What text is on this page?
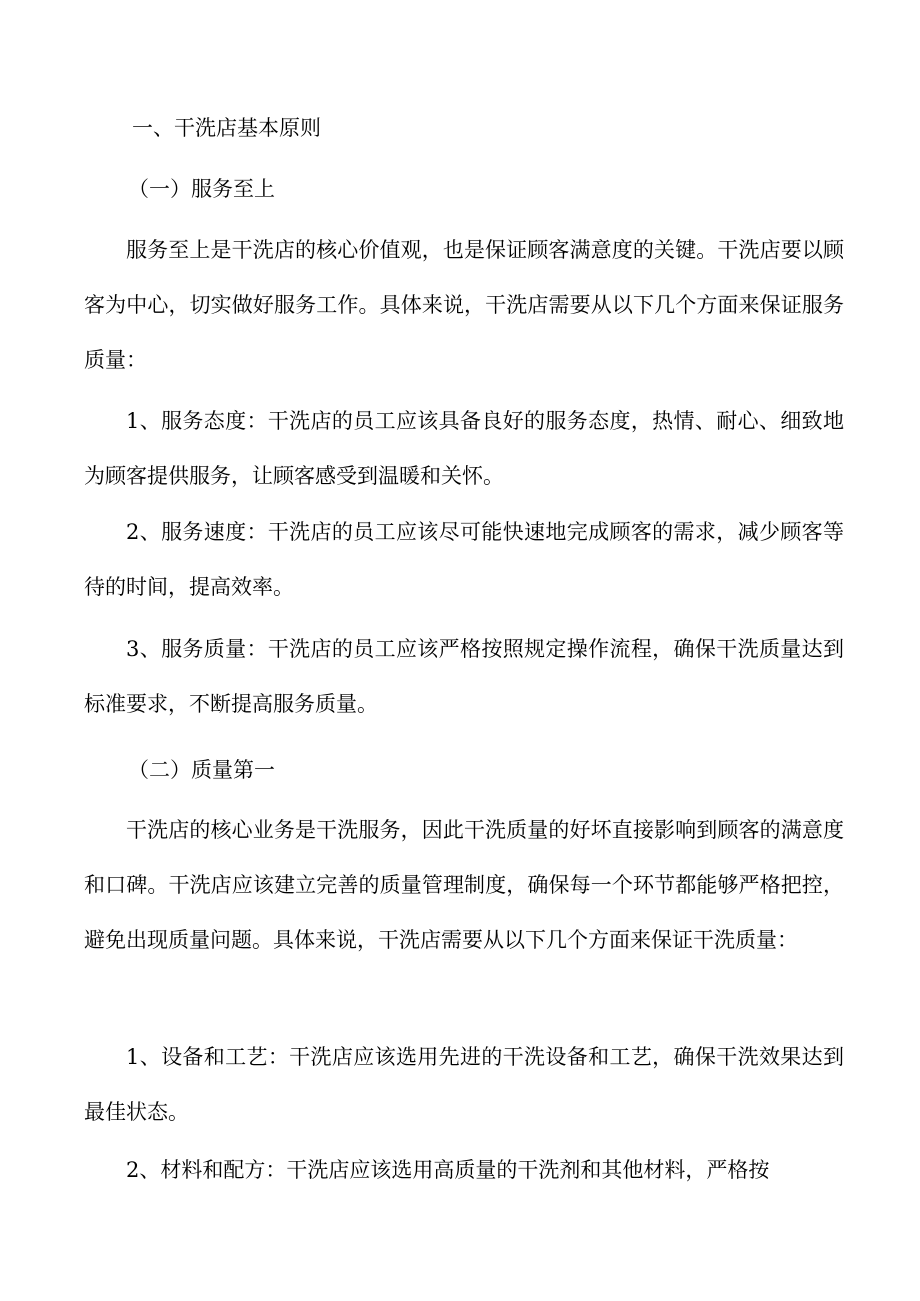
一、干洗店基本原则
（一）服务至上

服务至上是干洗店的核心价值观，也是保证顾客满意度的关键。干洗店要以顾客为中心，切实做好服务工作。具体来说，干洗店需要从以下几个方面来保证服务质量：

1、服务态度：干洗店的员工应该具备良好的服务态度，热情、耐心、细致地为顾客提供服务，让顾客感受到温暖和关怀。

2、服务速度：干洗店的员工应该尽可能快速地完成顾客的需求，减少顾客等待的时间，提高效率。

3、服务质量：干洗店的员工应该严格按照规定操作流程，确保干洗质量达到标准要求，不断提高服务质量。

（二）质量第一

干洗店的核心业务是干洗服务，因此干洗质量的好坏直接影响到顾客的满意度和口碑。干洗店应该建立完善的质量管理制度，确保每一个环节都能够严格把控，避免出现质量问题。具体来说，干洗店需要从以下几个方面来保证干洗质量：

1、设备和工艺：干洗店应该选用先进的干洗设备和工艺，确保干洗效果达到最佳状态。

2、材料和配方：干洗店应该选用高质量的干洗剂和其他材料，严格按
